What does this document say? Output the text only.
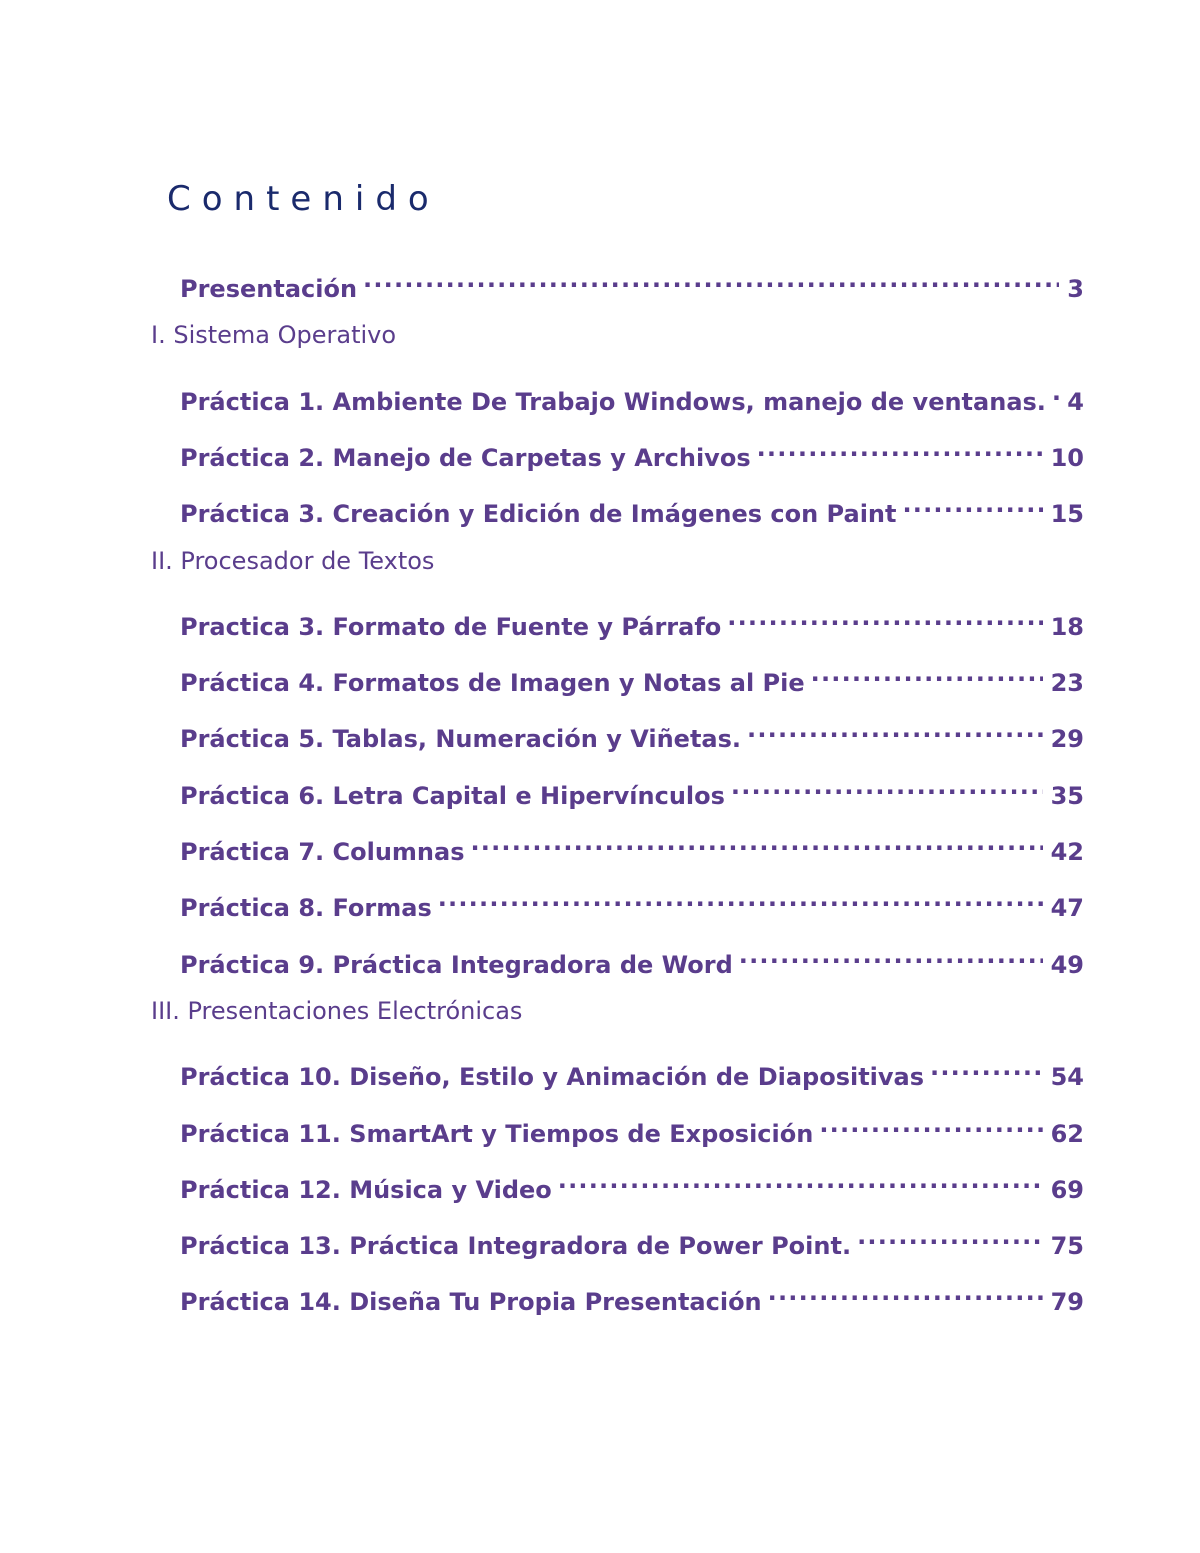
Contenido
Presentación .....	3
I. Sistema Operativo
Práctica 1. Ambiente De Trabajo Windows, manejo de ventanas. ..... 4
Práctica 2. Manejo de Carpetas y Archivos .....	10
Práctica 3. Creación y Edición de Imágenes con Paint .....	15
II. Procesador de Textos
Practica 3. Formato de Fuente y Párrafo .....	18
Práctica 4. Formatos de Imagen y Notas al Pie .....	23
Práctica 5. Tablas, Numeración y Viñetas. .....	29
Práctica 6. Letra Capital e Hipervínculos .....	35
Práctica 7. Columnas .....	42
Práctica 8. Formas .....	47
Práctica 9. Práctica Integradora de Word .....	49
III. Presentaciones Electrónicas
Práctica 10. Diseño, Estilo y Animación de Diapositivas .....	54
Práctica 11. SmartArt y Tiempos de Exposición .....	62
Práctica 12. Música y Video .....	69
Práctica 13. Práctica Integradora de Power Point. .....	75
Práctica 14. Diseña Tu Propia Presentación .....	79
